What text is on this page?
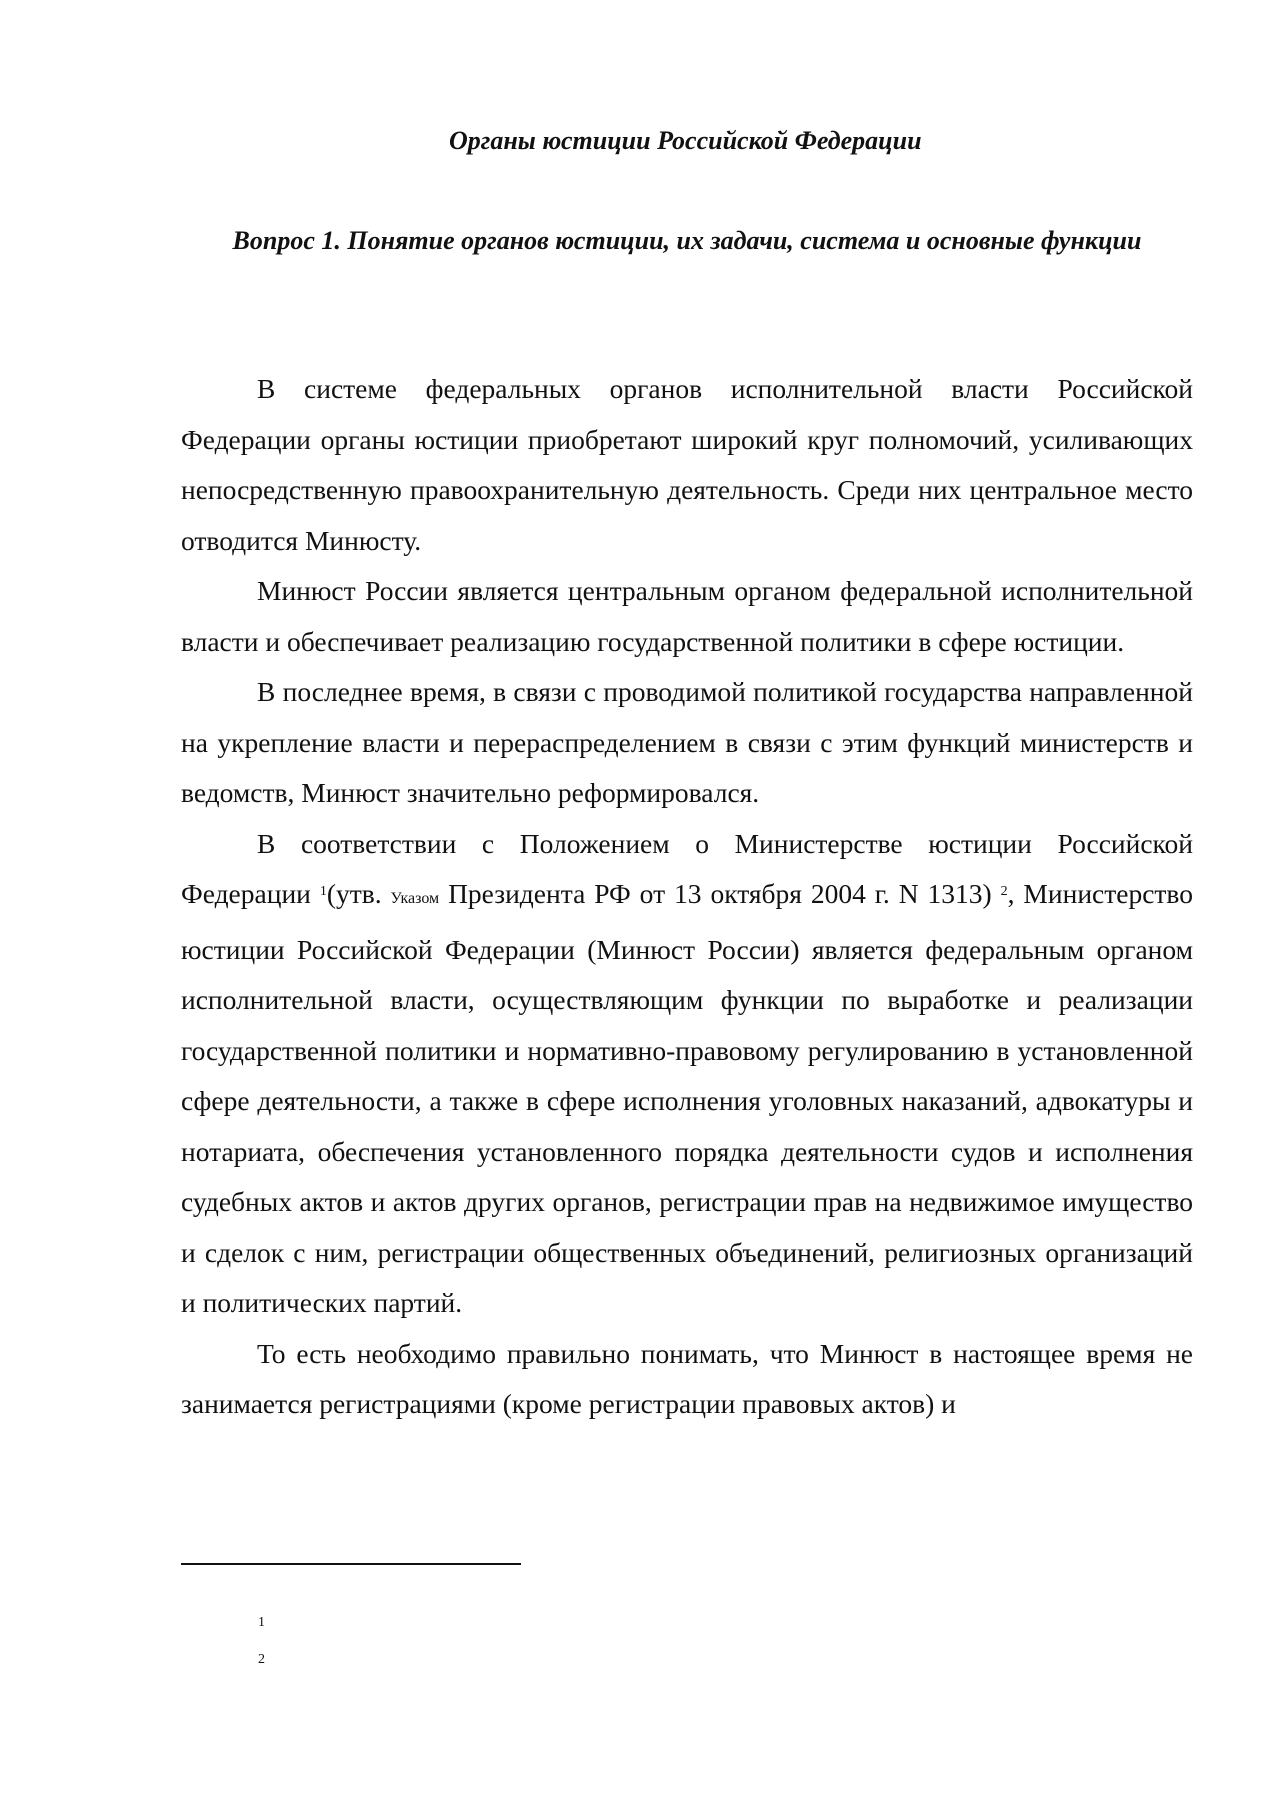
Органы юстиции Российской Федерации
Вопрос 1. Понятие органов юстиции, их задачи, система и основные функции

В системе федеральных органов исполнительной власти Российской Федерации органы юстиции приобретают широкий круг полномочий, усиливающих непосредственную правоохранительную деятельность. Среди них центральное место отводится Минюсту.

Минюст России является центральным органом федеральной исполнительной власти и обеспечивает реализацию государственной политики в сфере юстиции.

В последнее время, в связи с проводимой политикой государства направленной на укрепление власти и перераспределением в связи с этим функций министерств и ведомств, Минюст значительно реформировался.

В соответствии с Положением о Министерстве юстиции Российской Федерации $^1$(утв. Указом Президента РФ от 13 октября 2004 г. N 1313) $^2$, Министерство юстиции Российской Федерации (Минюст России) является федеральным органом исполнительной власти, осуществляющим функции по выработке и реализации государственной политики и нормативно-правовому регулированию в установленной сфере деятельности, а также в сфере исполнения уголовных наказаний, адвокатуры и нотариата, обеспечения установленного порядка деятельности судов и исполнения судебных актов и актов других органов, регистрации прав на недвижимое имущество и сделок с ним, регистрации общественных объединений, религиозных организаций и политических партий.

То есть необходимо правильно понимать, что Минюст в настоящее время не занимается регистрациями (кроме регистрации правовых актов) и

1
2
